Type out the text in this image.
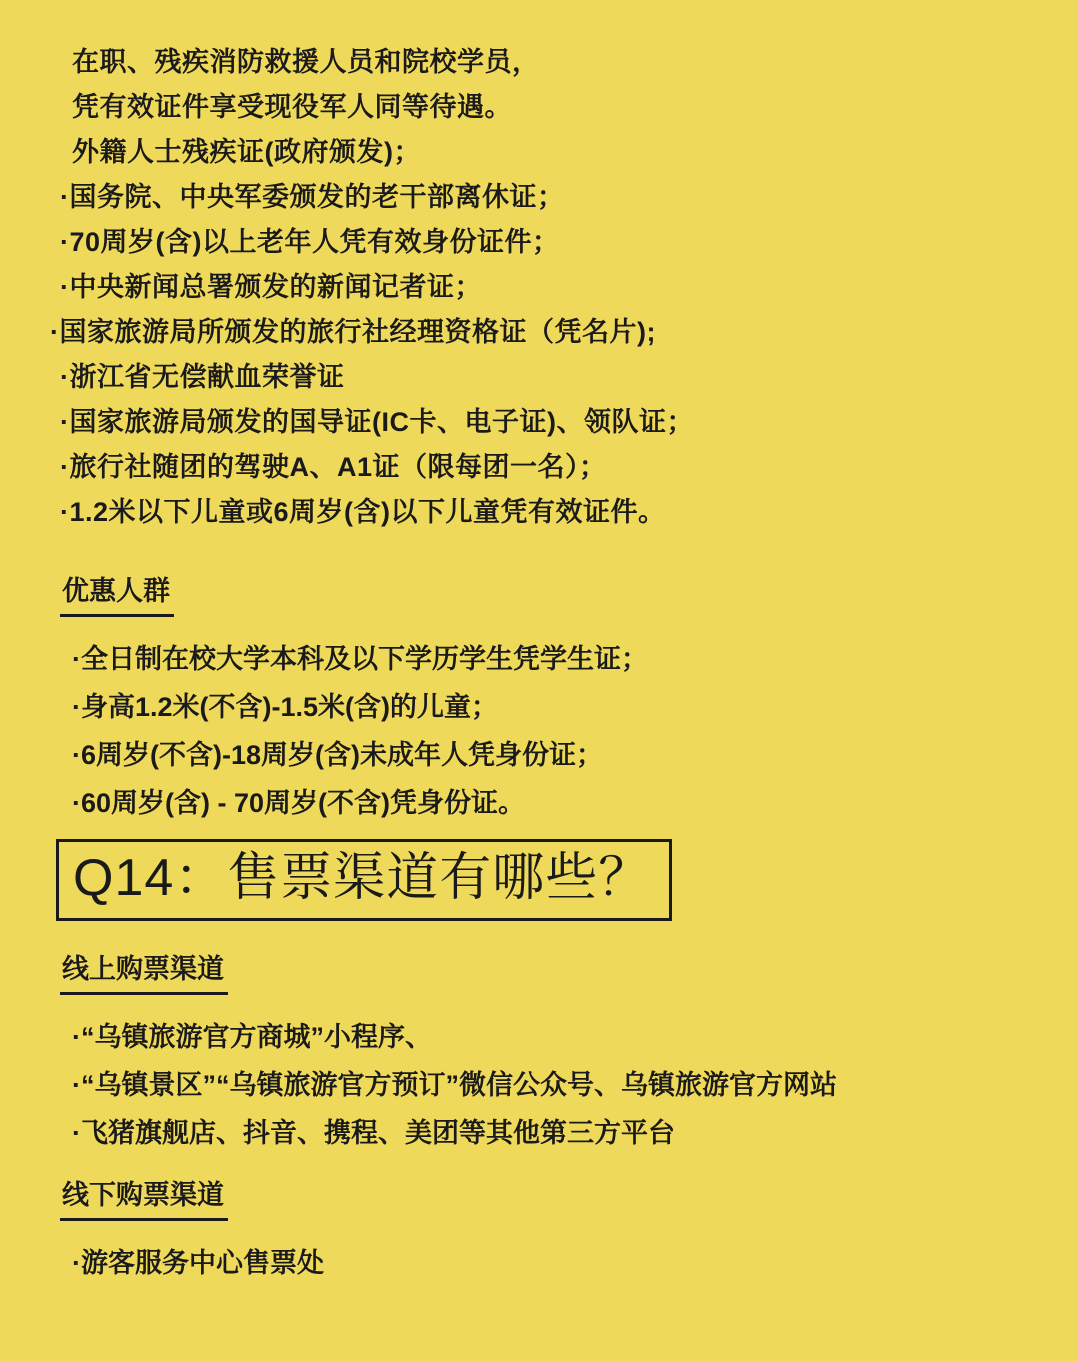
在职、残疾消防救援人员和院校学员，
凭有效证件享受现役军人同等待遇。
外籍人士残疾证(政府颁发)；
·国务院、中央军委颁发的老干部离休证；
·70周岁(含)以上老年人凭有效身份证件；
·中央新闻总署颁发的新闻记者证；
·国家旅游局所颁发的旅行社经理资格证（凭名片);
·浙江省无偿献血荣誉证
·国家旅游局颁发的国导证(IC卡、电子证)、领队证；
·旅行社随团的驾驶A、A1证（限每团一名）；
·1.2米以下儿童或6周岁(含)以下儿童凭有效证件。
优惠人群
·全日制在校大学本科及以下学历学生凭学生证；
·身高1.2米(不含)-1.5米(含)的儿童；
·6周岁(不含)-18周岁(含)未成年人凭身份证；
·60周岁(含) - 70周岁(不含)凭身份证。
Q14：售票渠道有哪些？
线上购票渠道
·“乌镇旅游官方商城”小程序、
·“乌镇景区”“乌镇旅游官方预订”微信公众号、乌镇旅游官方网站
·飞猪旗舰店、抖音、携程、美团等其他第三方平台
线下购票渠道
·游客服务中心售票处
